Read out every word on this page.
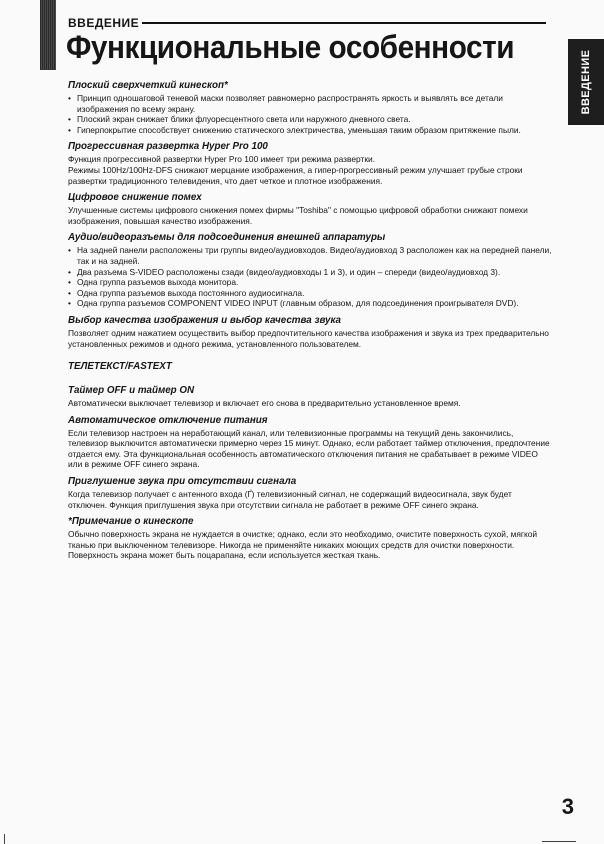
ВВЕДЕНИЕ
Функциональные особенности
ВВЕДЕНИЕ
Плоский сверхчеткий кинескоп*
• Принцип одношаговой теневой маски позволяет равномерно распространять яркость и выявлять все детали изображения по всему экрану.
• Плоский экран снижает блики флуоресцентного света или наружного дневного света.
• Гиперпокрытие способствует снижению статического электричества, уменьшая таким образом притяжение пыли.
Прогрессивная развертка Hyper Pro 100

Функция прогрессивной развертки Hyper Pro 100 имеет три режима развертки.

Режимы 100Hz/100Hz-DFS снижают мерцание изображения, а гипер-прогрессивный режим улучшает грубые строки развертки традиционного телевидения, что дает четкое и плотное изображения.

Цифровое снижение помех

Улучшенные системы цифрового снижения помех фирмы "Toshiba" с помощью цифровой обработки снижают помехи изображения, повышая качество изображения.

Аудио/видеоразъемы для подсоединения внешней аппаратуры
• На задней панели расположены три группы видео/аудиовходов. Видео/аудиовход 3 расположен как на передней панели, так и на задней.
• Два разъема S-VIDEO расположены сзади (видео/аудиовходы 1 и 3), и один – спереди (видео/аудиовход 3).
• Одна группа разъемов выхода монитора.
• Одна группа разъемов выхода постоянного аудиосигнала.
• Одна группа разъемов COMPONENT VIDEO INPUT (главным образом, для подсоединения проигрывателя DVD).
Выбор качества изображения и выбор качества звука

Позволяет одним нажатием осуществить выбор предпочтительного качества изображения и звука из трех предварительно установленных режимов и одного режима, установленного пользователем.

ТЕЛЕТЕКСТ/FASTEXT
Таймер OFF и таймер ON

Автоматически выключает телевизор и включает его снова в предварительно установленное время.

Автоматическое отключение питания

Если телевизор настроен на неработающий канал, или телевизионные программы на текущий день закончились, телевизор выключится автоматически примерно через 15 минут. Однако, если работает таймер отключения, предпочтение отдается ему. Эта функциональная особенность автоматического отключения питания не срабатывает в режиме VIDEO или в режиме OFF синего экрана.

Приглушение звука при отсутствии сигнала

Когда телевизор получает с антенного входа (Ґ) телевизионный сигнал, не содержащий видеосигнала, звук будет отключен. Функция приглушения звука при отсутствии сигнала не работает в режиме OFF синего экрана.

*Примечание о кинескопе

Обычно поверхность экрана не нуждается в очистке; однако, если это необходимо, очистите поверхность сухой, мягкой тканью при выключенном телевизоре. Никогда не применяйте никаких моющих средств для очистки поверхности. Поверхность экрана может быть поцарапана, если используется жесткая ткань.

3
